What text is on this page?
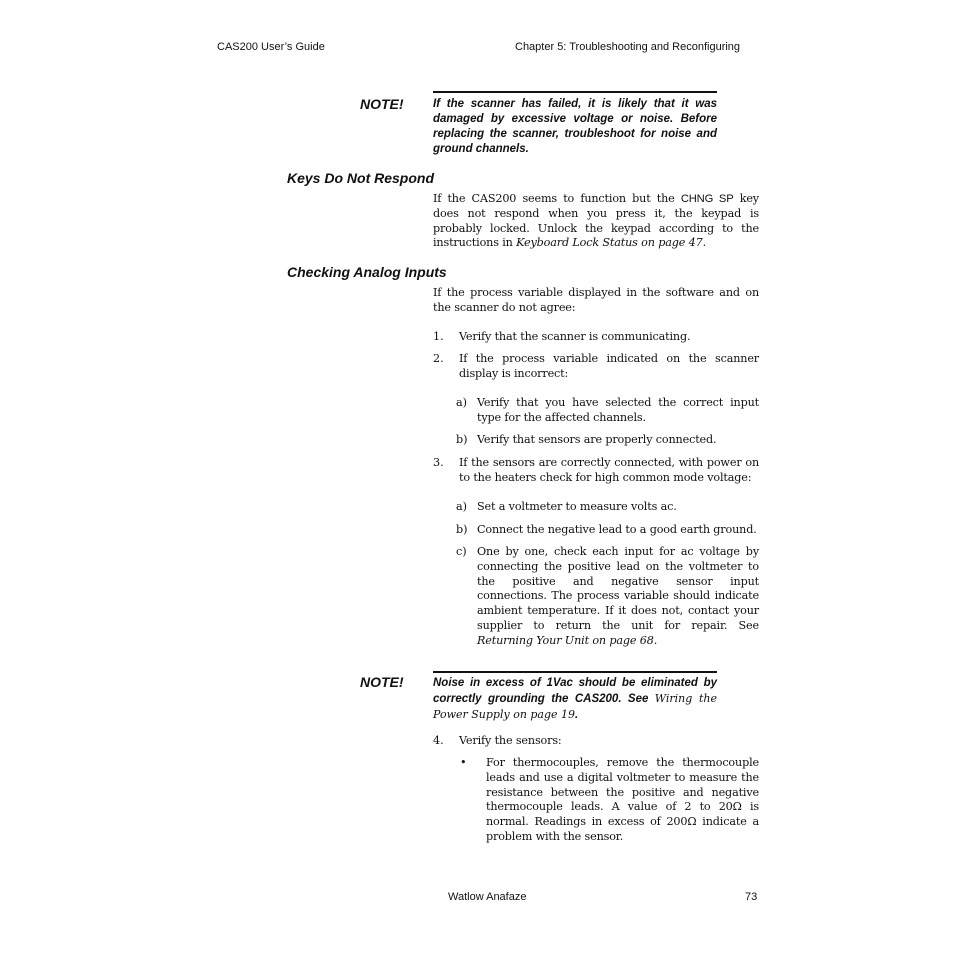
CAS200 User’s Guide	Chapter 5: Troubleshooting and Reconfiguring
NOTE!	If the scanner has failed, it is likely that it was damaged by excessive voltage or noise. Before replacing the scanner, troubleshoot for noise and ground channels.
Keys Do Not Respond
If the CAS200 seems to function but the CHNG SP key does not respond when you press it, the keypad is probably locked. Unlock the keypad according to the instructions in Keyboard Lock Status on page 47.
Checking Analog Inputs
If the process variable displayed in the software and on the scanner do not agree:
1. Verify that the scanner is communicating.
2. If the process variable indicated on the scanner display is incorrect:
a) Verify that you have selected the correct input type for the affected channels.
b) Verify that sensors are properly connected.
3. If the sensors are correctly connected, with power on to the heaters check for high common mode voltage:
a) Set a voltmeter to measure volts ac.
b) Connect the negative lead to a good earth ground.
c) One by one, check each input for ac voltage by connecting the positive lead on the voltmeter to the positive and negative sensor input connections. The process variable should indicate ambient temperature. If it does not, contact your supplier to return the unit for repair. See Returning Your Unit on page 68.
NOTE!	Noise in excess of 1Vac should be eliminated by correctly grounding the CAS200. See Wiring the Power Supply on page 19.
4. Verify the sensors:
• For thermocouples, remove the thermocouple leads and use a digital voltmeter to measure the resistance between the positive and negative thermocouple leads. A value of 2 to 20Ω is normal. Readings in excess of 200Ω indicate a problem with the sensor.
Watlow Anafaze	73
